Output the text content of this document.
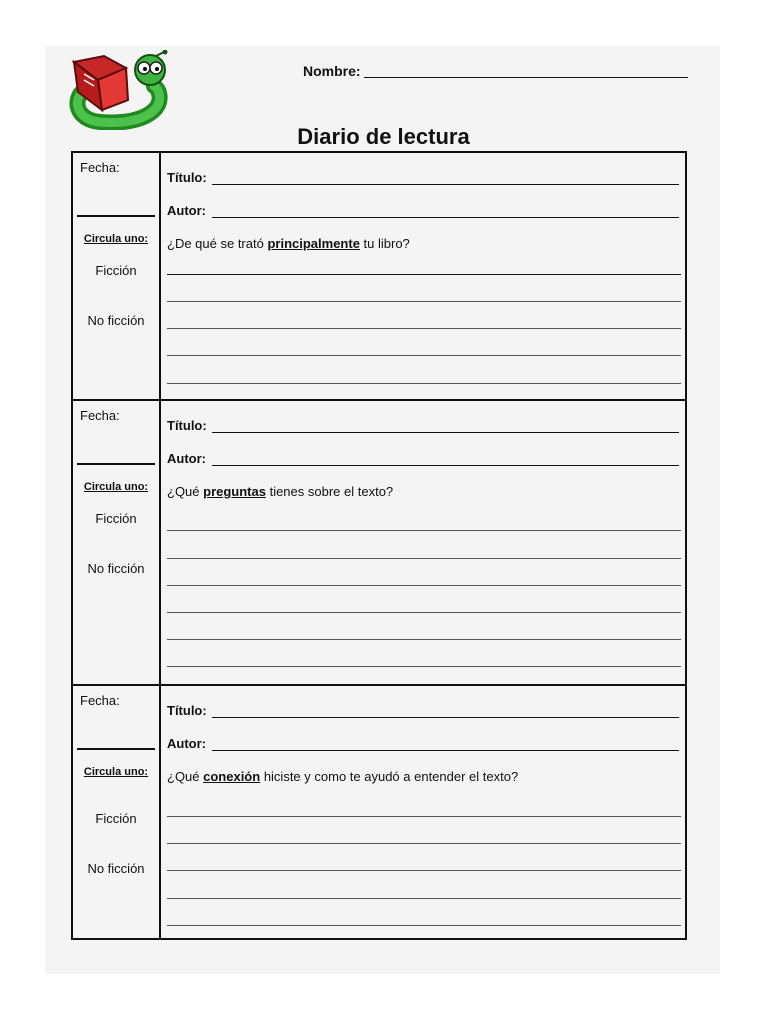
Nombre:
Diario de lectura
Fecha:
Circula uno:
Ficción
No ficción
Título:
Autor:
¿De qué se trató principalmente tu libro?
Fecha:
Circula uno:
Ficción
No ficción
Título:
Autor:
¿Qué preguntas tienes sobre el texto?
Fecha:
Circula uno:
Ficción
No ficción
Título:
Autor:
¿Qué conexión hiciste y como te ayudó a entender el texto?
